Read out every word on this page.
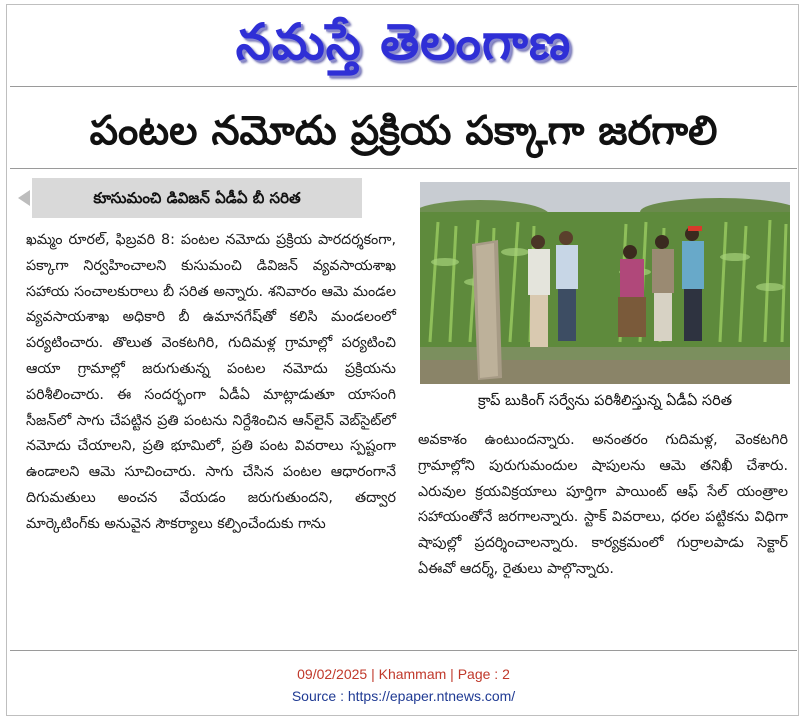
నమస్తే తెలంగాణ
పంటల నమోదు ప్రక్రియ పక్కాగా జరగాలి
కూసుమంచి డివిజన్ ఏడీఏ బీ సరిత

ఖమ్మం రూరల్, ఫిబ్రవరి 8: పంటల నమోదు ప్రక్రియ పారదర్శకంగా, పక్కాగా నిర్వహించాలని కుసుమంచి డివిజన్ వ్యవసాయశాఖ సహాయ సంచాలకురాలు బీ సరిత అన్నారు. శనివారం ఆమె మండల వ్యవసాయశాఖ అధికారి బీ ఉమానగేష్‌తో కలిసి మండలంలో పర్యటించారు. తొలుత వెంకటగిరి, గుదిమళ్ల గ్రామాల్లో పర్యటించి ఆయా గ్రామాల్లో జరుగుతున్న పంటల నమోదు ప్రక్రియను పరిశీలించారు. ఈ సందర్భంగా ఏడీఏ మాట్లాడుతూ యాసంగి సీజన్‌లో సాగు చేపట్టిన ప్రతి పంటను నిర్దేశించిన ఆన్‌లైన్ వెబ్‌సైట్‌లో నమోదు చేయాలని, ప్రతి భూమిలో, ప్రతి పంట వివరాలు స్పష్టంగా ఉండాలని ఆమె సూచించారు. సాగు చేసిన పంటల ఆధారంగానే దిగుమతులు అంచన వేయడం జరుగుతుందని, తద్వార మార్కెటింగ్‌కు అనువైన సౌకర్యాలు కల్పించేందుకు గాను

క్రాప్ బుకింగ్ సర్వేను పరిశీలిస్తున్న ఏడీఏ సరిత

అవకాశం ఉంటుందన్నారు. అనంతరం గుదిమళ్ల, వెంకటగిరి గ్రామాల్లోని పురుగుమందుల షాపులను ఆమె తనిఖీ చేశారు. ఎరువుల క్రయవిక్రయాలు పూర్తిగా పాయింట్ ఆఫ్ సేల్ యంత్రాల సహాయంతోనే జరగాలన్నారు. స్టాక్ వివరాలు, ధరల పట్టికను విధిగా షాపుల్లో ప్రదర్శించాలన్నారు. కార్యక్రమంలో గుర్రాలపాడు సెక్టార్ ఏఈవో ఆదర్శ్, రైతులు పాల్గొన్నారు.

09/02/2025 | Khammam | Page : 2
Source : https://epaper.ntnews.com/
